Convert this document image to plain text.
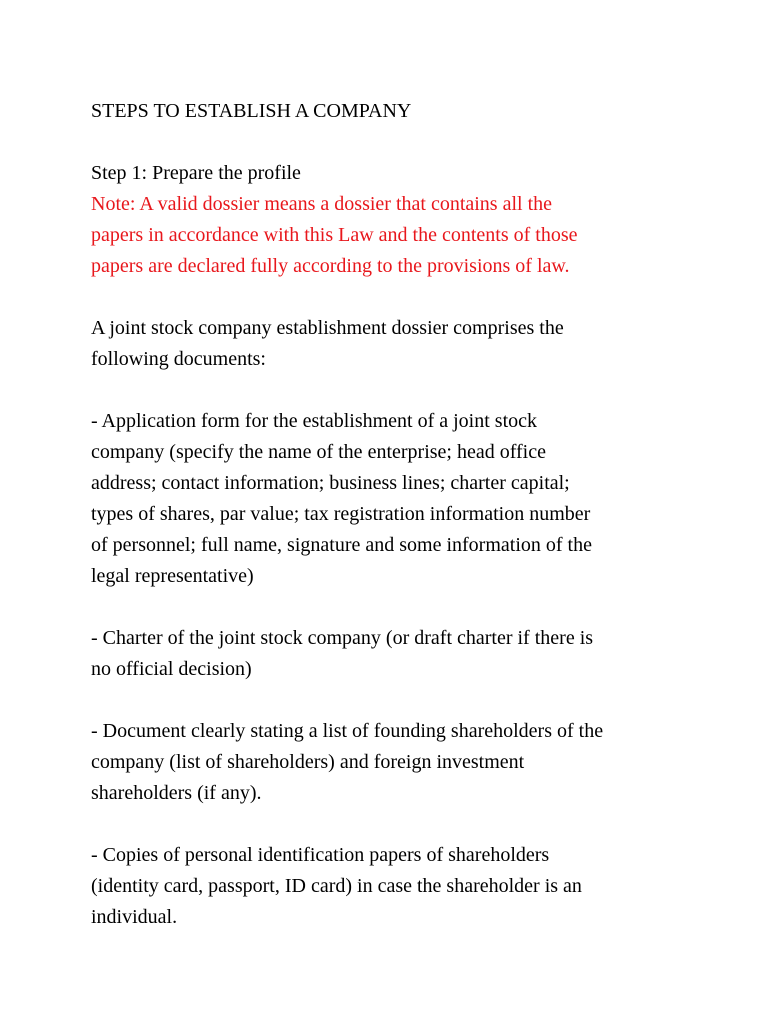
STEPS TO ESTABLISH A COMPANY
Step 1: Prepare the profile
Note: A valid dossier means a dossier that contains all the
papers in accordance with this Law and the contents of those
papers are declared fully according to the provisions of law.
A joint stock company establishment dossier comprises the
following documents:
- Application form for the establishment of a joint stock
company (specify the name of the enterprise; head office
address; contact information; business lines; charter capital;
types of shares, par value; tax registration information number
of personnel; full name, signature and some information of the
legal representative)
- Charter of the joint stock company (or draft charter if there is
no official decision)
- Document clearly stating a list of founding shareholders of the
company (list of shareholders) and foreign investment
shareholders (if any).
- Copies of personal identification papers of shareholders
(identity card, passport, ID card) in case the shareholder is an
individual.
